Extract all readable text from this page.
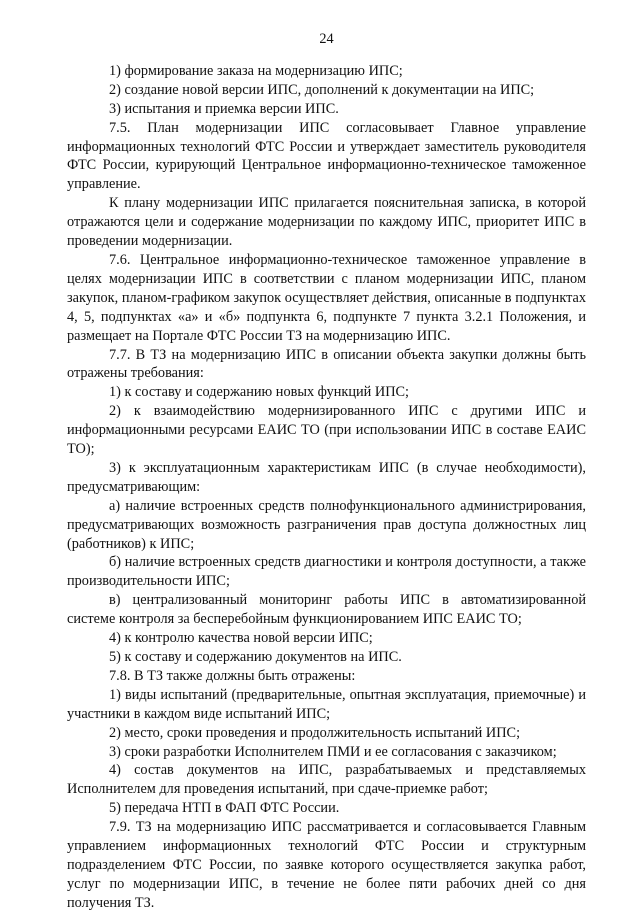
24

1) формирование заказа на модернизацию ИПС;

2) создание новой версии ИПС, дополнений к документации на ИПС;

3) испытания и приемка версии ИПС.

7.5. План модернизации ИПС согласовывает Главное управление информационных технологий ФТС России и утверждает заместитель руководителя ФТС России, курирующий Центральное информационно-техническое таможенное управление.

К плану модернизации ИПС прилагается пояснительная записка, в которой отражаются цели и содержание модернизации по каждому ИПС, приоритет ИПС в проведении модернизации.

7.6. Центральное информационно-техническое таможенное управление в целях модернизации ИПС в соответствии с планом модернизации ИПС, планом закупок, планом-графиком закупок осуществляет действия, описанные в подпунктах 4, 5, подпунктах «а» и «б» подпункта 6, подпункте 7 пункта 3.2.1 Положения, и размещает на Портале ФТС России ТЗ на модернизацию ИПС.

7.7. В ТЗ на модернизацию ИПС в описании объекта закупки должны быть отражены требования:

1) к составу и содержанию новых функций ИПС;

2) к взаимодействию модернизированного ИПС с другими ИПС и информационными ресурсами ЕАИС ТО (при использовании ИПС в составе ЕАИС ТО);

3) к эксплуатационным характеристикам ИПС (в случае необходимости), предусматривающим:

а) наличие встроенных средств полнофункционального администрирования, предусматривающих возможность разграничения прав доступа должностных лиц (работников) к ИПС;

б) наличие встроенных средств диагностики и контроля доступности, а также производительности ИПС;

в) централизованный мониторинг работы ИПС в автоматизированной системе контроля за бесперебойным функционированием ИПС ЕАИС ТО;

4) к контролю качества новой версии ИПС;

5) к составу и содержанию документов на ИПС.

7.8. В ТЗ также должны быть отражены:

1) виды испытаний (предварительные, опытная эксплуатация, приемочные) и участники в каждом виде испытаний ИПС;

2) место, сроки проведения и продолжительность испытаний ИПС;

3) сроки разработки Исполнителем ПМИ и ее согласования с заказчиком;

4) состав документов на ИПС, разрабатываемых и представляемых Исполнителем для проведения испытаний, при сдаче-приемке работ;

5) передача НТП в ФАП ФТС России.

7.9. ТЗ на модернизацию ИПС рассматривается и согласовывается Главным управлением информационных технологий ФТС России и структурным подразделением ФТС России, по заявке которого осуществляется закупка работ, услуг по модернизации ИПС, в течение не более пяти рабочих дней со дня получения ТЗ.
